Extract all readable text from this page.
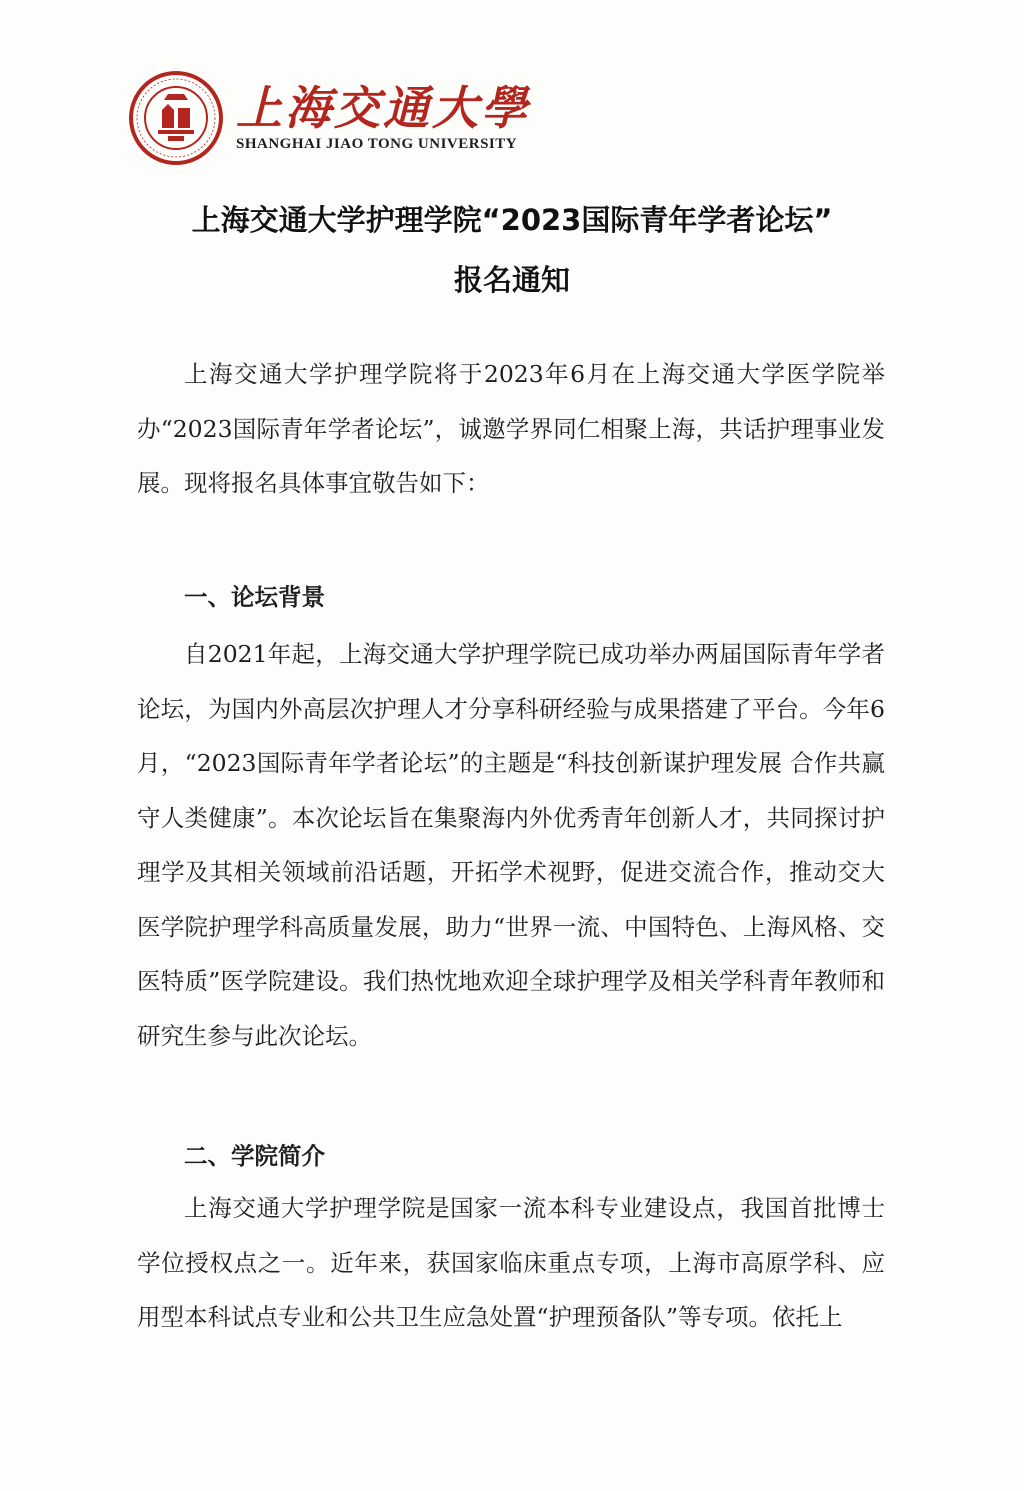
上海交通大學
SHANGHAI JIAO TONG UNIVERSITY
上海交通大学护理学院“2023国际青年学者论坛”
报名通知

上海交通大学护理学院将于2023年6月在上海交通大学医学院举办“2023国际青年学者论坛”，诚邀学界同仁相聚上海，共话护理事业发展。现将报名具体事宜敬告如下：

一、论坛背景

自2021年起，上海交通大学护理学院已成功举办两届国际青年学者论坛，为国内外高层次护理人才分享科研经验与成果搭建了平台。今年6月，“2023国际青年学者论坛”的主题是“科技创新谋护理发展 合作共赢守人类健康”。本次论坛旨在集聚海内外优秀青年创新人才，共同探讨护理学及其相关领域前沿话题，开拓学术视野，促进交流合作，推动交大医学院护理学科高质量发展，助力“世界一流、中国特色、上海风格、交医特质”医学院建设。我们热忱地欢迎全球护理学及相关学科青年教师和研究生参与此次论坛。

二、学院简介

上海交通大学护理学院是国家一流本科专业建设点，我国首批博士学位授权点之一。近年来，获国家临床重点专项，上海市高原学科、应用型本科试点专业和公共卫生应急处置“护理预备队”等专项。依托上
